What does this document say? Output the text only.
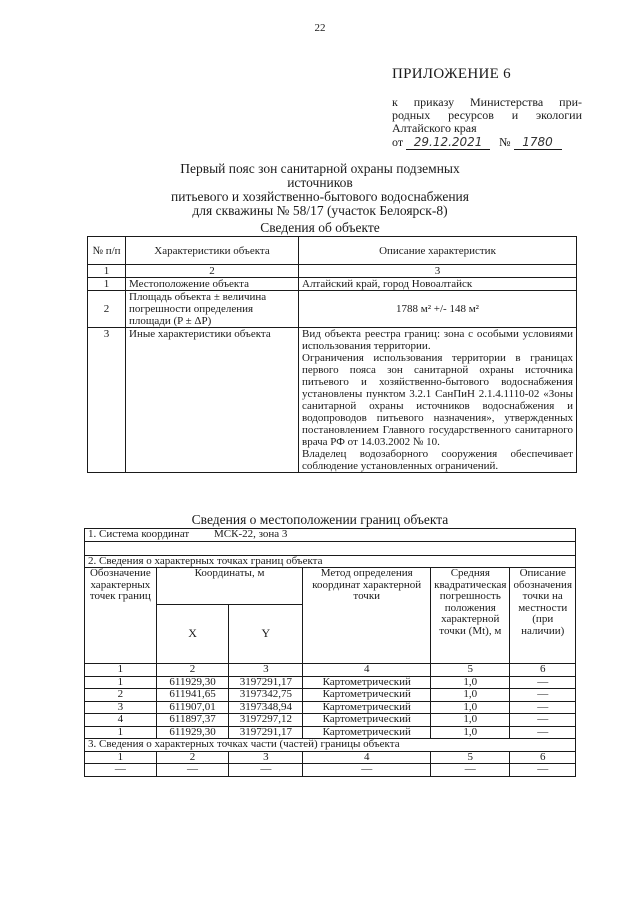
22
ПРИЛОЖЕНИЕ 6
к приказу Министерства при-
родных ресурсов и экологии
Алтайского края
от 29.12.2021 № 1780
Первый пояс зон санитарной охраны подземных источников
питьевого и хозяйственно-бытового водоснабжения
для скважины № 58/17 (участок Белоярск-8)
Сведения об объекте
№ п/п	Характеристики объекта	Описание характеристик
1	2	3
1	Местоположение объекта	Алтайский край, город Новоалтайск
2	Площадь объекта ± величина погрешности определения площади (P ± ΔP)	1788 м² +/- 148 м²
3	Иные характеристики объекта	Вид объекта реестра границ: зона с особыми условиями использования территории.
Ограничения использования территории в границах первого пояса зон санитарной охраны источника питьевого и хозяйственно-бытового водоснабжения установлены пунктом 3.2.1 СанПиН 2.1.4.1110-02 «Зоны санитарной охраны источников водоснабжения и водопроводов питьевого назначения», утвержденных постановлением Главного государственного санитарного врача РФ от 14.03.2002 № 10.
Владелец водозаборного сооружения обеспечивает соблюдение установленных ограничений.
Сведения о местоположении границ объекта
1. Система координат МСК-22, зона 3					

2. Сведения о характерных точках границ объекта					
Обозначение характерных точек границ	Координаты, м		Метод определения координат характерной точки	Средняя квадратическая погрешность положения характерной точки (Mt), м	Описание обозначения точки на местности (при наличии)
	X	Y			
1	2	3	4	5	6
1	611929,30	3197291,17	Картометрический	1,0	—
2	611941,65	3197342,75	Картометрический	1,0	—
3	611907,01	3197348,94	Картометрический	1,0	—
4	611897,37	3197297,12	Картометрический	1,0	—
1	611929,30	3197291,17	Картометрический	1,0	—
3. Сведения о характерных точках части (частей) границы объекта					
1	2	3	4	5	6
—	—	—	—	—	—
